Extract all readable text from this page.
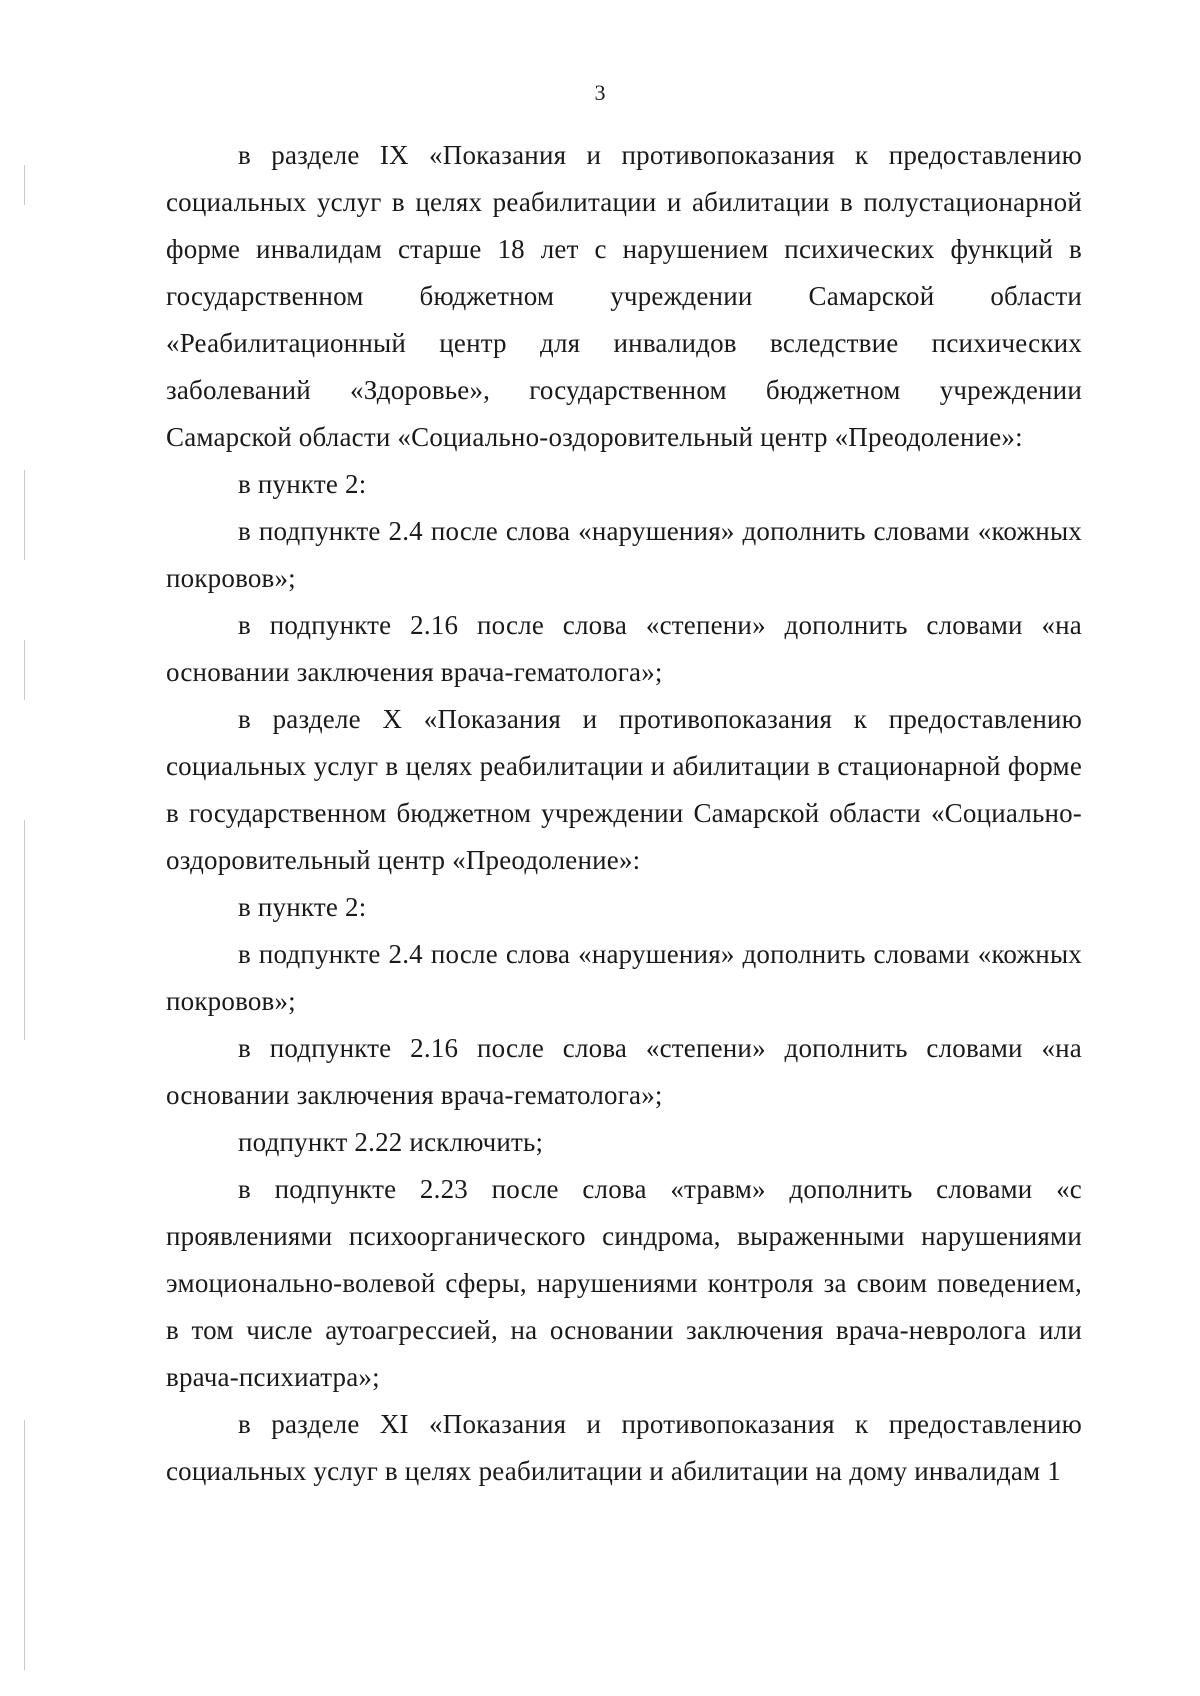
3

в разделе IX «Показания и противопоказания к предоставлению социальных услуг в целях реабилитации и абилитации в полустационарной форме инвалидам старше 18 лет с нарушением психических функций в государственном бюджетном учреждении Самарской области «Реабилитационный центр для инвалидов вследствие психических заболеваний «Здоровье», государственном бюджетном учреждении Самарской области «Социально-оздоровительный центр «Преодоление»:

в пункте 2:

в подпункте 2.4 после слова «нарушения» дополнить словами «кожных покровов»;

в подпункте 2.16 после слова «степени» дополнить словами «на основании заключения врача-гематолога»;

в разделе X «Показания и противопоказания к предоставлению социальных услуг в целях реабилитации и абилитации в стационарной форме в государственном бюджетном учреждении Самарской области «Социально-оздоровительный центр «Преодоление»:

в пункте 2:

в подпункте 2.4 после слова «нарушения» дополнить словами «кожных покровов»;

в подпункте 2.16 после слова «степени» дополнить словами «на основании заключения врача-гематолога»;

подпункт 2.22 исключить;

в подпункте 2.23 после слова «травм» дополнить словами «с проявлениями психоорганического синдрома, выраженными нарушениями эмоционально-волевой сферы, нарушениями контроля за своим поведением, в том числе аутоагрессией, на основании заключения врача-невролога или врача-психиатра»;

в разделе XI «Показания и противопоказания к предоставлению социальных услуг в целях реабилитации и абилитации на дому инвалидам 1
